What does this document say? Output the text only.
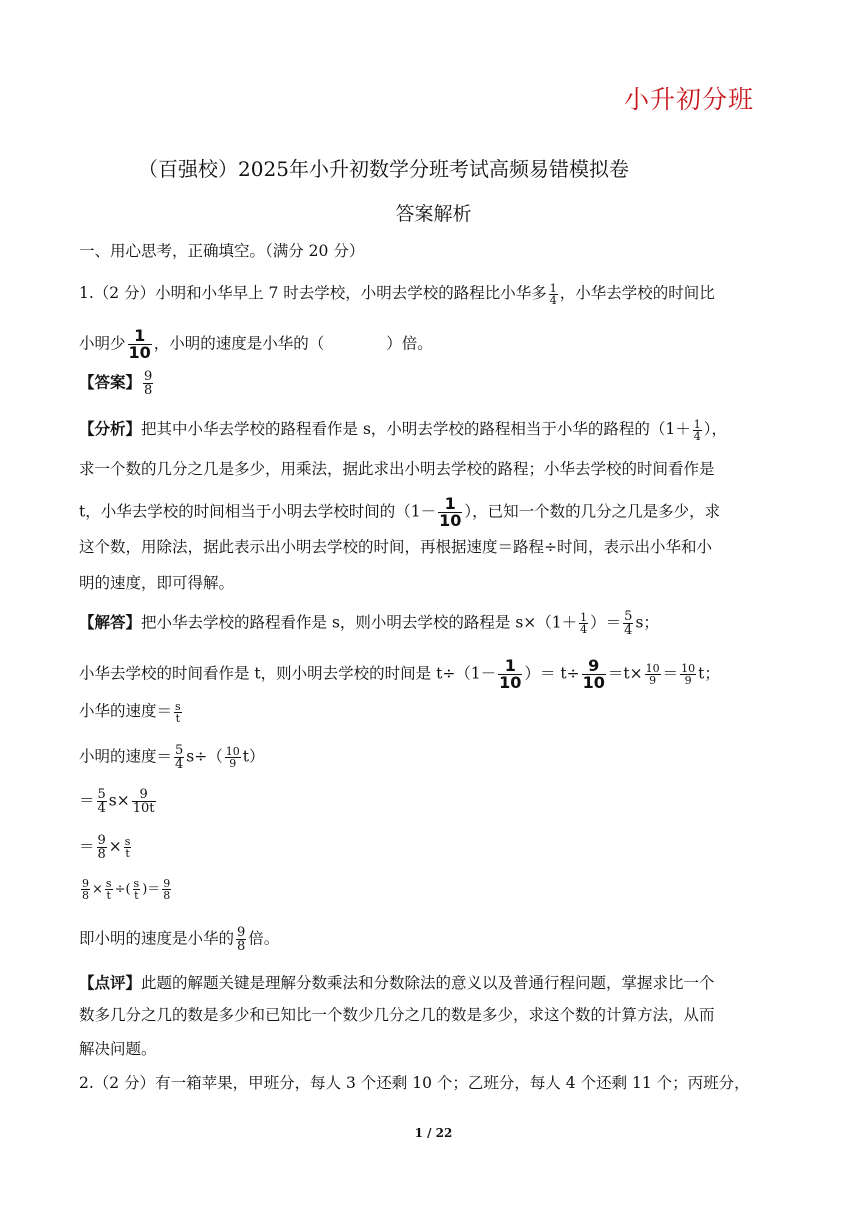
小升初分班
（百强校）2025年小升初数学分班考试高频易错模拟卷
答案解析
一、用心思考，正确填空。（满分 20 分）
1.（2 分）小明和小华早上 7 时去学校，小明去学校的路程比小华多 $\frac{1}{4}$ ，小华去学校的时间比
小明少 $\frac{1}{10}$ ，小明的速度是小华的（　　　　）倍。
【答案】 $\frac{9}{8}$
【分析】把其中小华去学校的路程看作是 s，小明去学校的路程相当于小华的路程的（$1+ \frac{1}{4}$ ），
求一个数的几分之几是多少，用乘法，据此求出小明去学校的路程；小华去学校的时间看作是
t，小华去学校的时间相当于小明去学校时间的（$1- \frac{1}{10}$ ），已知一个数的几分之几是多少，求
这个数，用除法，据此表示出小明去学校的时间，再根据速度＝路程÷时间，表示出小华和小
明的速度，即可得解。
【解答】把小华去学校的路程看作是 s，则小明去学校的路程是 $s\times(1+ \frac{1}{4}$ ）＝ $\frac{5}{4}$ s；
小华去学校的时间看作是 t，则小明去学校的时间是 $t\div(1- \frac{1}{10}$ ）＝ $t\div \frac{9}{10} =t\times \frac{10}{9} = \frac{10}{9}$ t；
小华的速度＝ $\frac{s}{t}$
小明的速度＝ $\frac{5}{4} s\div( \frac{10}{9} t)$
＝ $\frac{5}{4} s\times \frac{9}{10t}$
＝ $\frac{9}{8} \times \frac{s}{t}$
$\frac{9}{8} \times \frac{s}{t}$ ÷( $\frac{s}{t}$ )＝ $\frac{9}{8}$
即小明的速度是小华的 $\frac{9}{8}$ 倍。
【点评】此题的解题关键是理解分数乘法和分数除法的意义以及普通行程问题，掌握求比一个
数多几分之几的数是多少和已知比一个数少几分之几的数是多少，求这个数的计算方法，从而
解决问题。
2.（2 分）有一箱苹果，甲班分，每人 3 个还剩 10 个；乙班分，每人 4 个还剩 11 个；丙班分，
1 / 22
